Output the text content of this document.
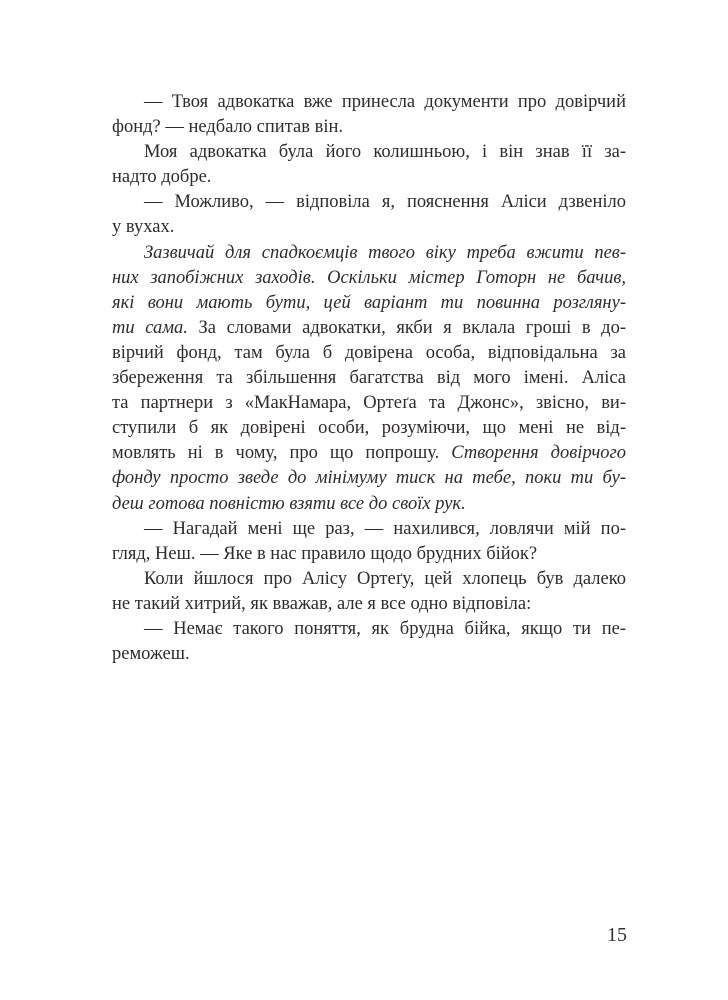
— Твоя адвокатка вже принесла документи про довірчий
фонд? — недбало спитав він.
Моя адвокатка була його колишньою, і він знав її за-
надто добре.
— Можливо, — відповіла я, пояснення Аліси дзвеніло
у вухах.
Зазвичай для спадкоємців твого віку треба вжити пев-
них запобіжних заходів. Оскільки містер Готорн не бачив,
які вони мають бути, цей варіант ти повинна розгляну-
ти сама. За словами адвокатки, якби я вклала гроші в до-
вірчий фонд, там була б довірена особа, відповідальна за
збереження та збільшення багатства від мого імені. Аліса
та партнери з «МакНамара, Ортеґа та Джонс», звісно, ви-
ступили б як довірені особи, розуміючи, що мені не від-
мовлять ні в чому, про що попрошу. Створення довірчого
фонду просто зведе до мінімуму тиск на тебе, поки ти бу-
деш готова повністю взяти все до своїх рук.
— Нагадай мені ще раз, — нахилився, ловлячи мій по-
гляд, Неш. — Яке в нас правило щодо брудних бійок?
Коли йшлося про Алісу Ортеґу, цей хлопець був далеко
не такий хитрий, як вважав, але я все одно відповіла:
— Немає такого поняття, як брудна бійка, якщо ти пе-
реможеш.
15
